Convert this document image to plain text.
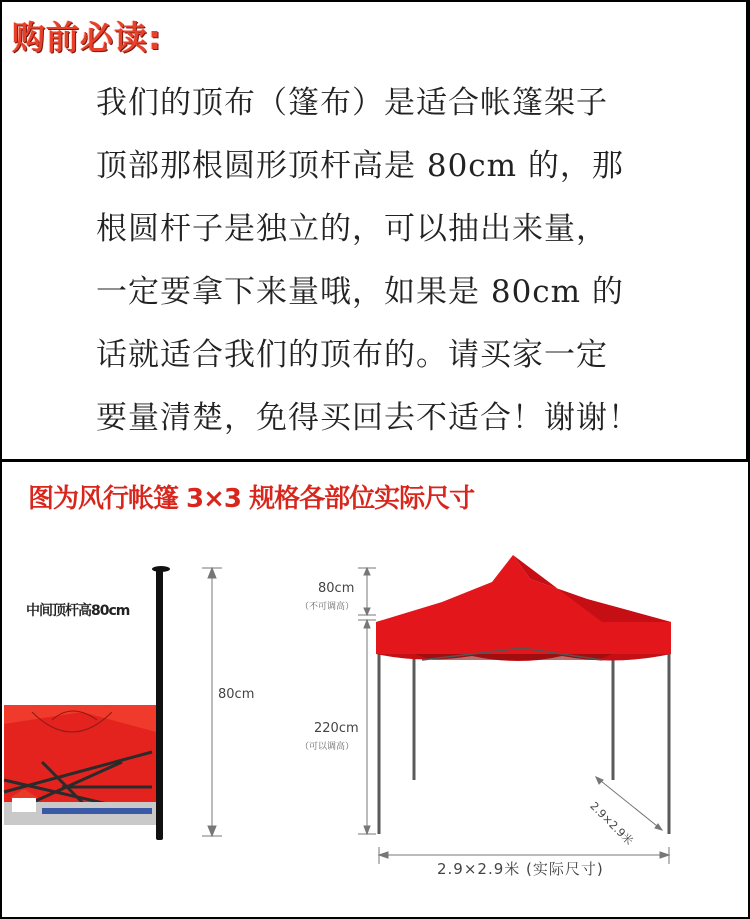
购前必读:
我们的顶布（篷布）是适合帐篷架子
顶部那根圆形顶杆高是 80cm 的，那
根圆杆子是独立的，可以抽出来量，
一定要拿下来量哦，如果是 80cm 的
话就适合我们的顶布的。请买家一定
要量清楚，免得买回去不适合！谢谢！
图为风行帐篷 3×3 规格各部位实际尺寸
中间顶杆高80cm
80cm
80cm
（不可调高）
220cm
（可以调高）
2.9×2.9米
2.9×2.9米 (实际尺寸)
